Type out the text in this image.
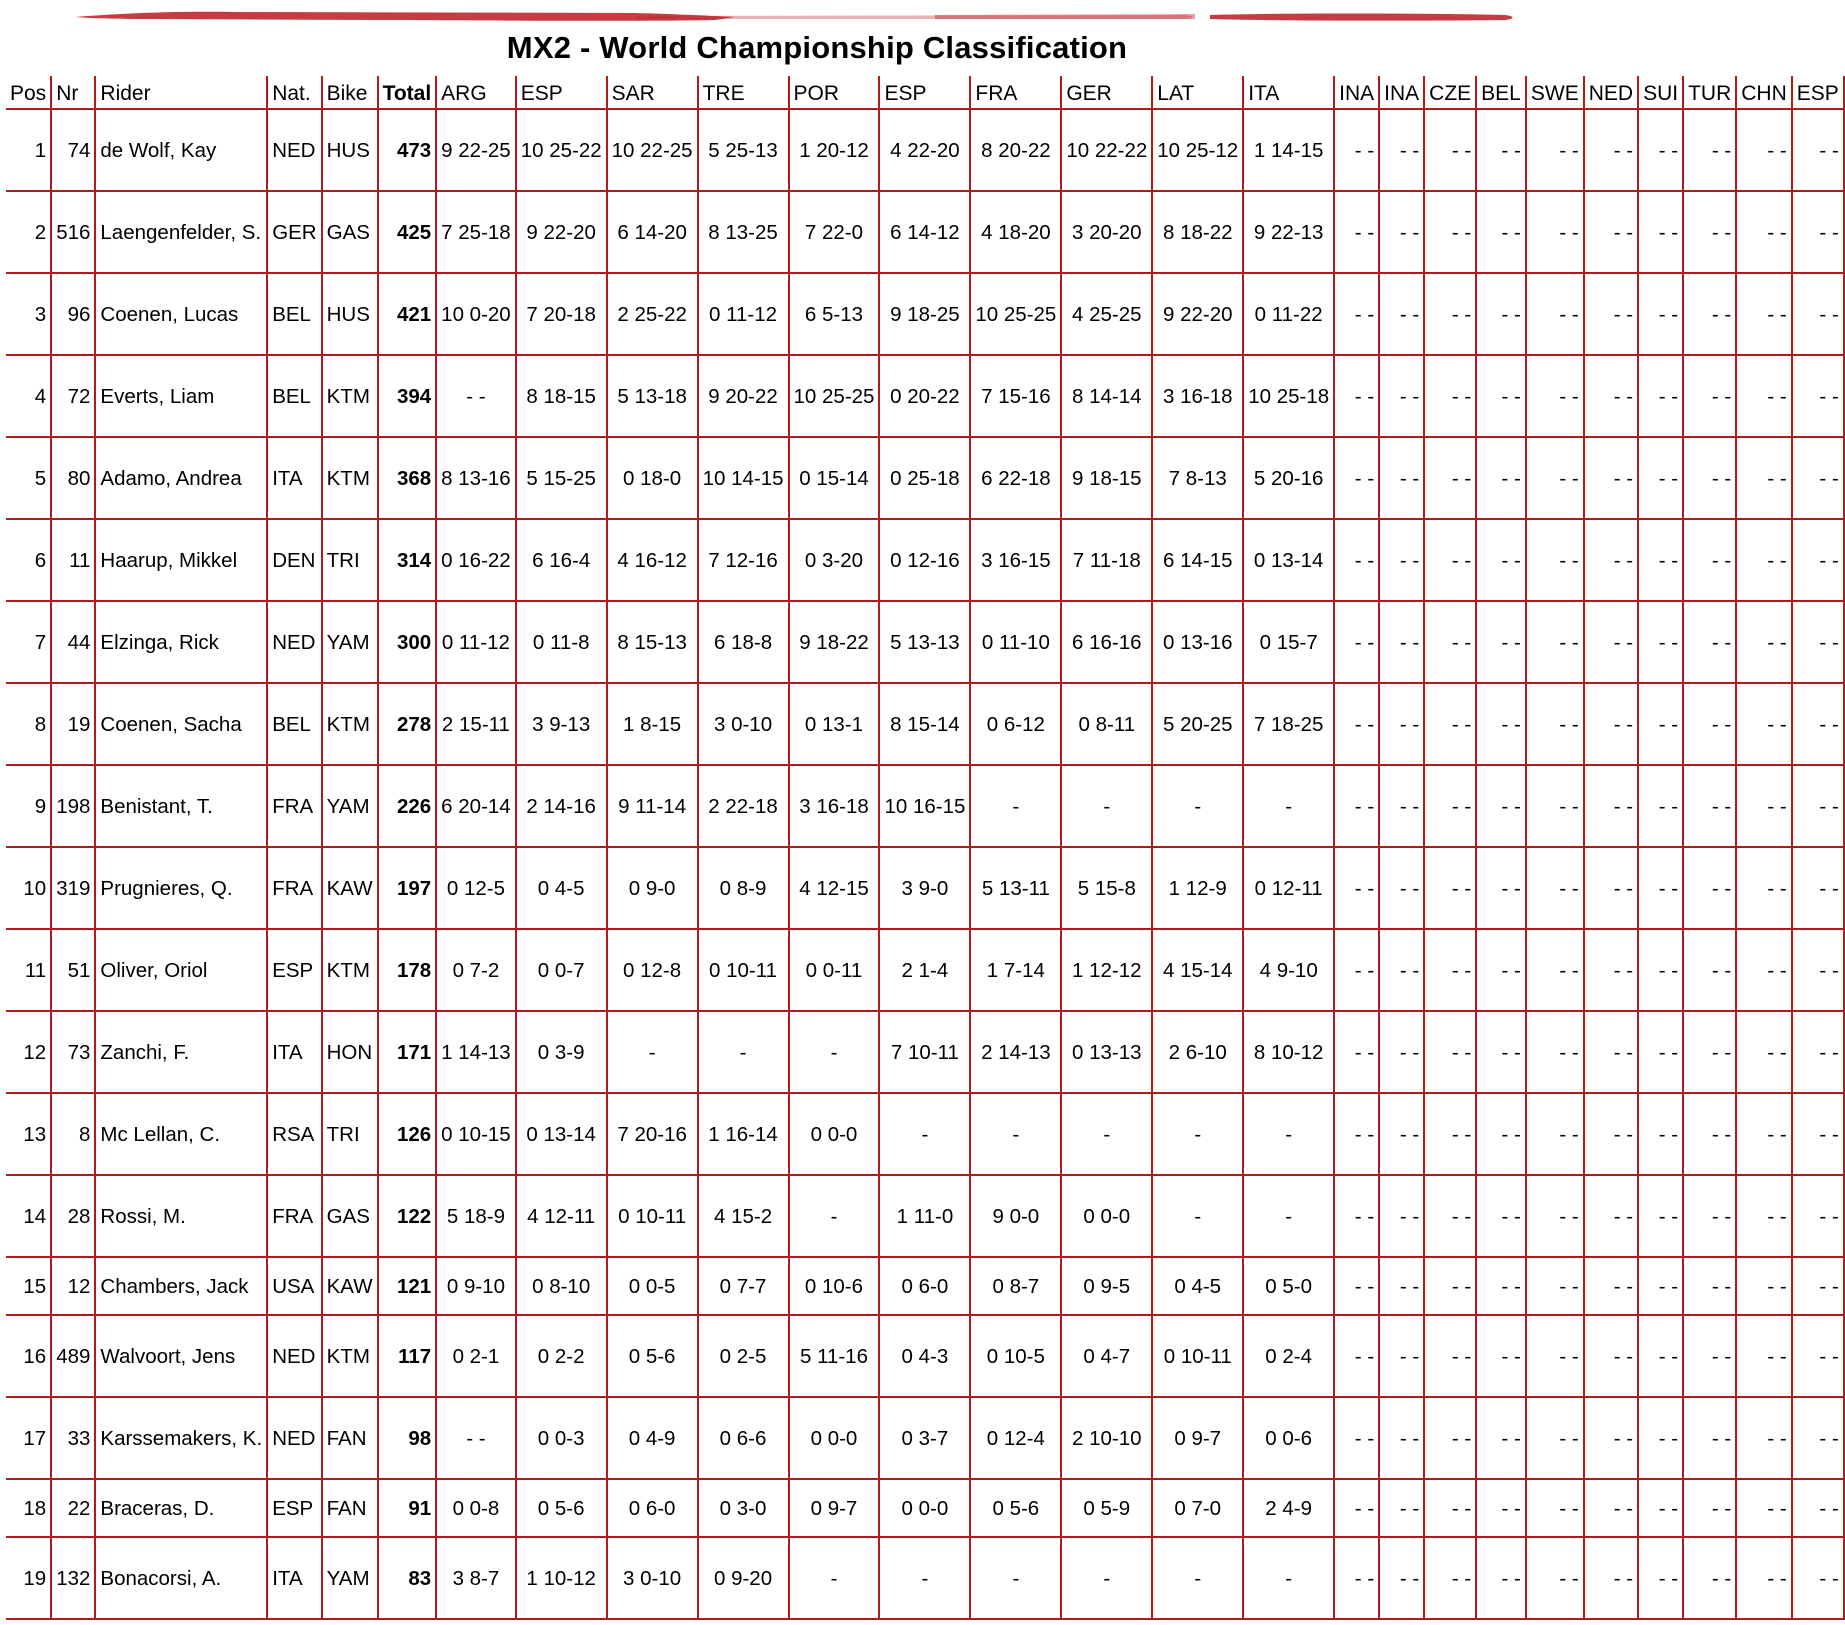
MX2 - World Championship Classification
Pos	Nr	Rider	Nat.	Bike	Total	ARG	ESP	SAR	TRE	POR	ESP	FRA	GER	LAT	ITA	INA	INA	CZE	BEL	SWE	NED	SUI	TUR	CHN	ESP
1	74	de Wolf, Kay	NED	HUS	473	9 22-25	10 25-22	10 22-25	5 25-13	1 20-12	4 22-20	8 20-22	10 22-22	10 25-12	1 14-15	- -	- -	- -	- -	- -	- -	- -	- -	- -	- -
2	516	Laengenfelder, S.	GER	GAS	425	7 25-18	9 22-20	6 14-20	8 13-25	7 22-0	6 14-12	4 18-20	3 20-20	8 18-22	9 22-13	- -	- -	- -	- -	- -	- -	- -	- -	- -	- -
3	96	Coenen, Lucas	BEL	HUS	421	10 0-20	7 20-18	2 25-22	0 11-12	6 5-13	9 18-25	10 25-25	4 25-25	9 22-20	0 11-22	- -	- -	- -	- -	- -	- -	- -	- -	- -	- -
4	72	Everts, Liam	BEL	KTM	394	- -	8 18-15	5 13-18	9 20-22	10 25-25	0 20-22	7 15-16	8 14-14	3 16-18	10 25-18	- -	- -	- -	- -	- -	- -	- -	- -	- -	- -
5	80	Adamo, Andrea	ITA	KTM	368	8 13-16	5 15-25	0 18-0	10 14-15	0 15-14	0 25-18	6 22-18	9 18-15	7 8-13	5 20-16	- -	- -	- -	- -	- -	- -	- -	- -	- -	- -
6	11	Haarup, Mikkel	DEN	TRI	314	0 16-22	6 16-4	4 16-12	7 12-16	0 3-20	0 12-16	3 16-15	7 11-18	6 14-15	0 13-14	- -	- -	- -	- -	- -	- -	- -	- -	- -	- -
7	44	Elzinga, Rick	NED	YAM	300	0 11-12	0 11-8	8 15-13	6 18-8	9 18-22	5 13-13	0 11-10	6 16-16	0 13-16	0 15-7	- -	- -	- -	- -	- -	- -	- -	- -	- -	- -
8	19	Coenen, Sacha	BEL	KTM	278	2 15-11	3 9-13	1 8-15	3 0-10	0 13-1	8 15-14	0 6-12	0 8-11	5 20-25	7 18-25	- -	- -	- -	- -	- -	- -	- -	- -	- -	- -
9	198	Benistant, T.	FRA	YAM	226	6 20-14	2 14-16	9 11-14	2 22-18	3 16-18	10 16-15	-	-	-	-	- -	- -	- -	- -	- -	- -	- -	- -	- -	- -
10	319	Prugnieres, Q.	FRA	KAW	197	0 12-5	0 4-5	0 9-0	0 8-9	4 12-15	3 9-0	5 13-11	5 15-8	1 12-9	0 12-11	- -	- -	- -	- -	- -	- -	- -	- -	- -	- -
11	51	Oliver, Oriol	ESP	KTM	178	0 7-2	0 0-7	0 12-8	0 10-11	0 0-11	2 1-4	1 7-14	1 12-12	4 15-14	4 9-10	- -	- -	- -	- -	- -	- -	- -	- -	- -	- -
12	73	Zanchi, F.	ITA	HON	171	1 14-13	0 3-9	-	-	-	7 10-11	2 14-13	0 13-13	2 6-10	8 10-12	- -	- -	- -	- -	- -	- -	- -	- -	- -	- -
13	8	Mc Lellan, C.	RSA	TRI	126	0 10-15	0 13-14	7 20-16	1 16-14	0 0-0	-	-	-	-	-	- -	- -	- -	- -	- -	- -	- -	- -	- -	- -
14	28	Rossi, M.	FRA	GAS	122	5 18-9	4 12-11	0 10-11	4 15-2	-	1 11-0	9 0-0	0 0-0	-	-	- -	- -	- -	- -	- -	- -	- -	- -	- -	- -
15	12	Chambers, Jack	USA	KAW	121	0 9-10	0 8-10	0 0-5	0 7-7	0 10-6	0 6-0	0 8-7	0 9-5	0 4-5	0 5-0	- -	- -	- -	- -	- -	- -	- -	- -	- -	- -
16	489	Walvoort, Jens	NED	KTM	117	0 2-1	0 2-2	0 5-6	0 2-5	5 11-16	0 4-3	0 10-5	0 4-7	0 10-11	0 2-4	- -	- -	- -	- -	- -	- -	- -	- -	- -	- -
17	33	Karssemakers, K.	NED	FAN	98	- -	0 0-3	0 4-9	0 6-6	0 0-0	0 3-7	0 12-4	2 10-10	0 9-7	0 0-6	- -	- -	- -	- -	- -	- -	- -	- -	- -	- -
18	22	Braceras, D.	ESP	FAN	91	0 0-8	0 5-6	0 6-0	0 3-0	0 9-7	0 0-0	0 5-6	0 5-9	0 7-0	2 4-9	- -	- -	- -	- -	- -	- -	- -	- -	- -	- -
19	132	Bonacorsi, A.	ITA	YAM	83	3 8-7	1 10-12	3 0-10	0 9-20	-	-	-	-	-	-	- -	- -	- -	- -	- -	- -	- -	- -	- -	- -
